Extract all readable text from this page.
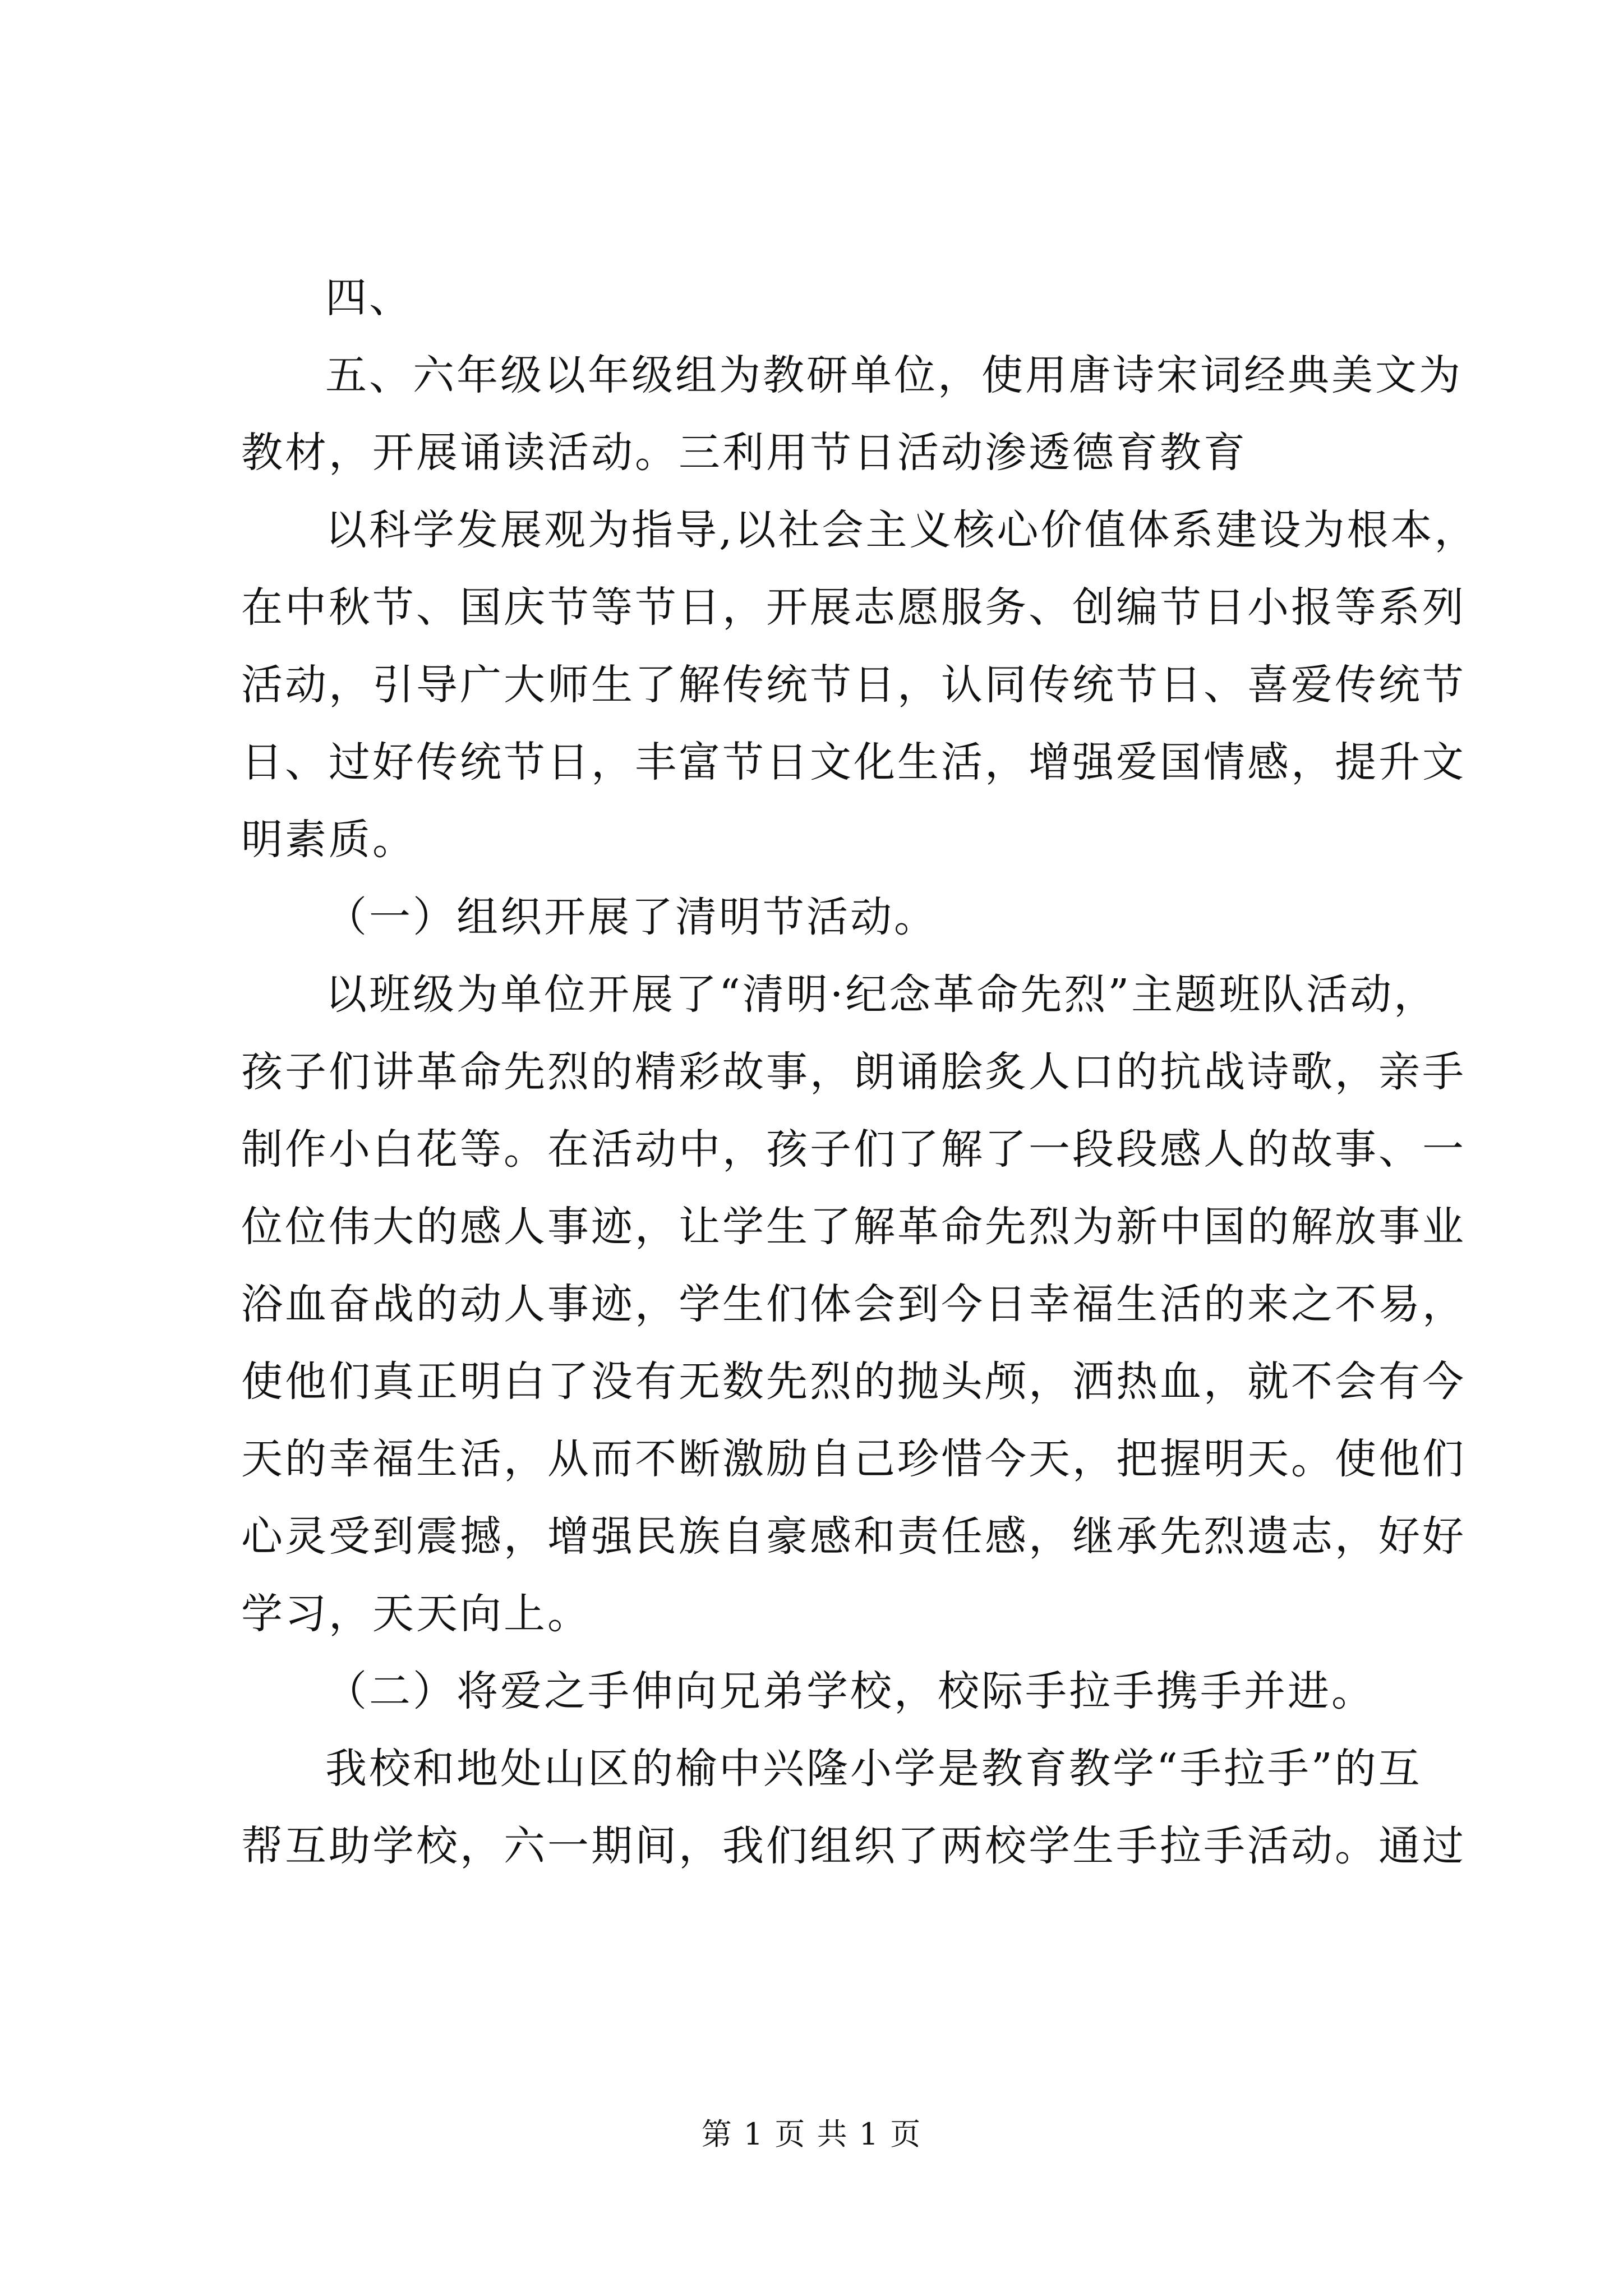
四、
五、六年级以年级组为教研单位，使用唐诗宋词经典美文为
教材，开展诵读活动。三利用节日活动渗透德育教育
以科学发展观为指导,以社会主义核心价值体系建设为根本，
在中秋节、国庆节等节日，开展志愿服务、创编节日小报等系列
活动，引导广大师生了解传统节日，认同传统节日、喜爱传统节
日、过好传统节日，丰富节日文化生活，增强爱国情感，提升文
明素质。
（一）组织开展了清明节活动。
以班级为单位开展了“清明·纪念革命先烈”主题班队活动，
孩子们讲革命先烈的精彩故事，朗诵脍炙人口的抗战诗歌，亲手
制作小白花等。在活动中，孩子们了解了一段段感人的故事、一
位位伟大的感人事迹，让学生了解革命先烈为新中国的解放事业
浴血奋战的动人事迹，学生们体会到今日幸福生活的来之不易，
使他们真正明白了没有无数先烈的抛头颅，洒热血，就不会有今
天的幸福生活，从而不断激励自己珍惜今天，把握明天。使他们
心灵受到震撼，增强民族自豪感和责任感，继承先烈遗志，好好
学习，天天向上。
（二）将爱之手伸向兄弟学校，校际手拉手携手并进。
我校和地处山区的榆中兴隆小学是教育教学“手拉手”的互
帮互助学校，六一期间，我们组织了两校学生手拉手活动。通过
第 1 页 共 1 页
